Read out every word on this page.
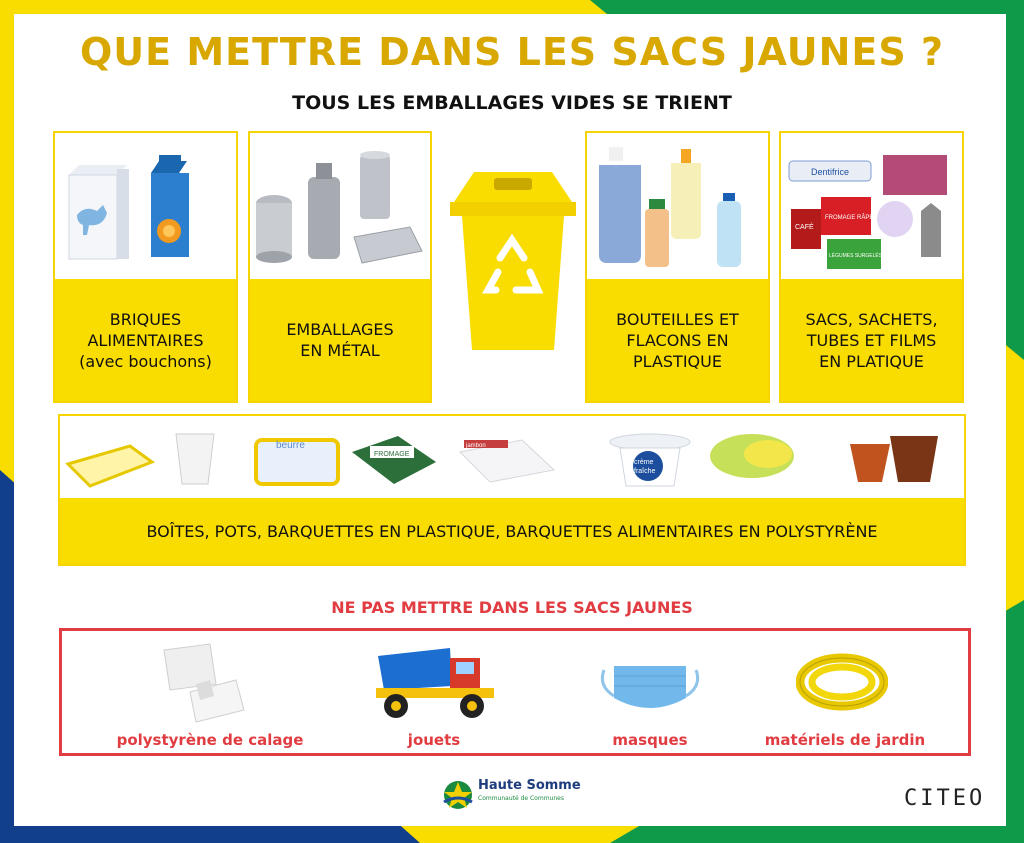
QUE METTRE DANS LES SACS JAUNES ?
TOUS LES EMBALLAGES VIDES SE TRIENT
BRIQUES
ALIMENTAIRES
(avec bouchons)
EMBALLAGES
EN MÉTAL
BOUTEILLES ET
FLACONS EN
PLASTIQUE
Dentifrice
CAFÉ
FROMAGE RÂPÉ
LÉGUMES SURGELÉS
SACS, SACHETS,
TUBES ET FILMS
EN PLATIQUE
beurre
FROMAGE
jambon
crème
fraîche
BOÎTES, POTS, BARQUETTES EN PLASTIQUE, BARQUETTES ALIMENTAIRES EN POLYSTYRÈNE
NE PAS METTRE DANS LES SACS JAUNES
polystyrène de calage	jouets	masques	matériels de jardin
Haute Somme
Communauté de Communes	CITEO
